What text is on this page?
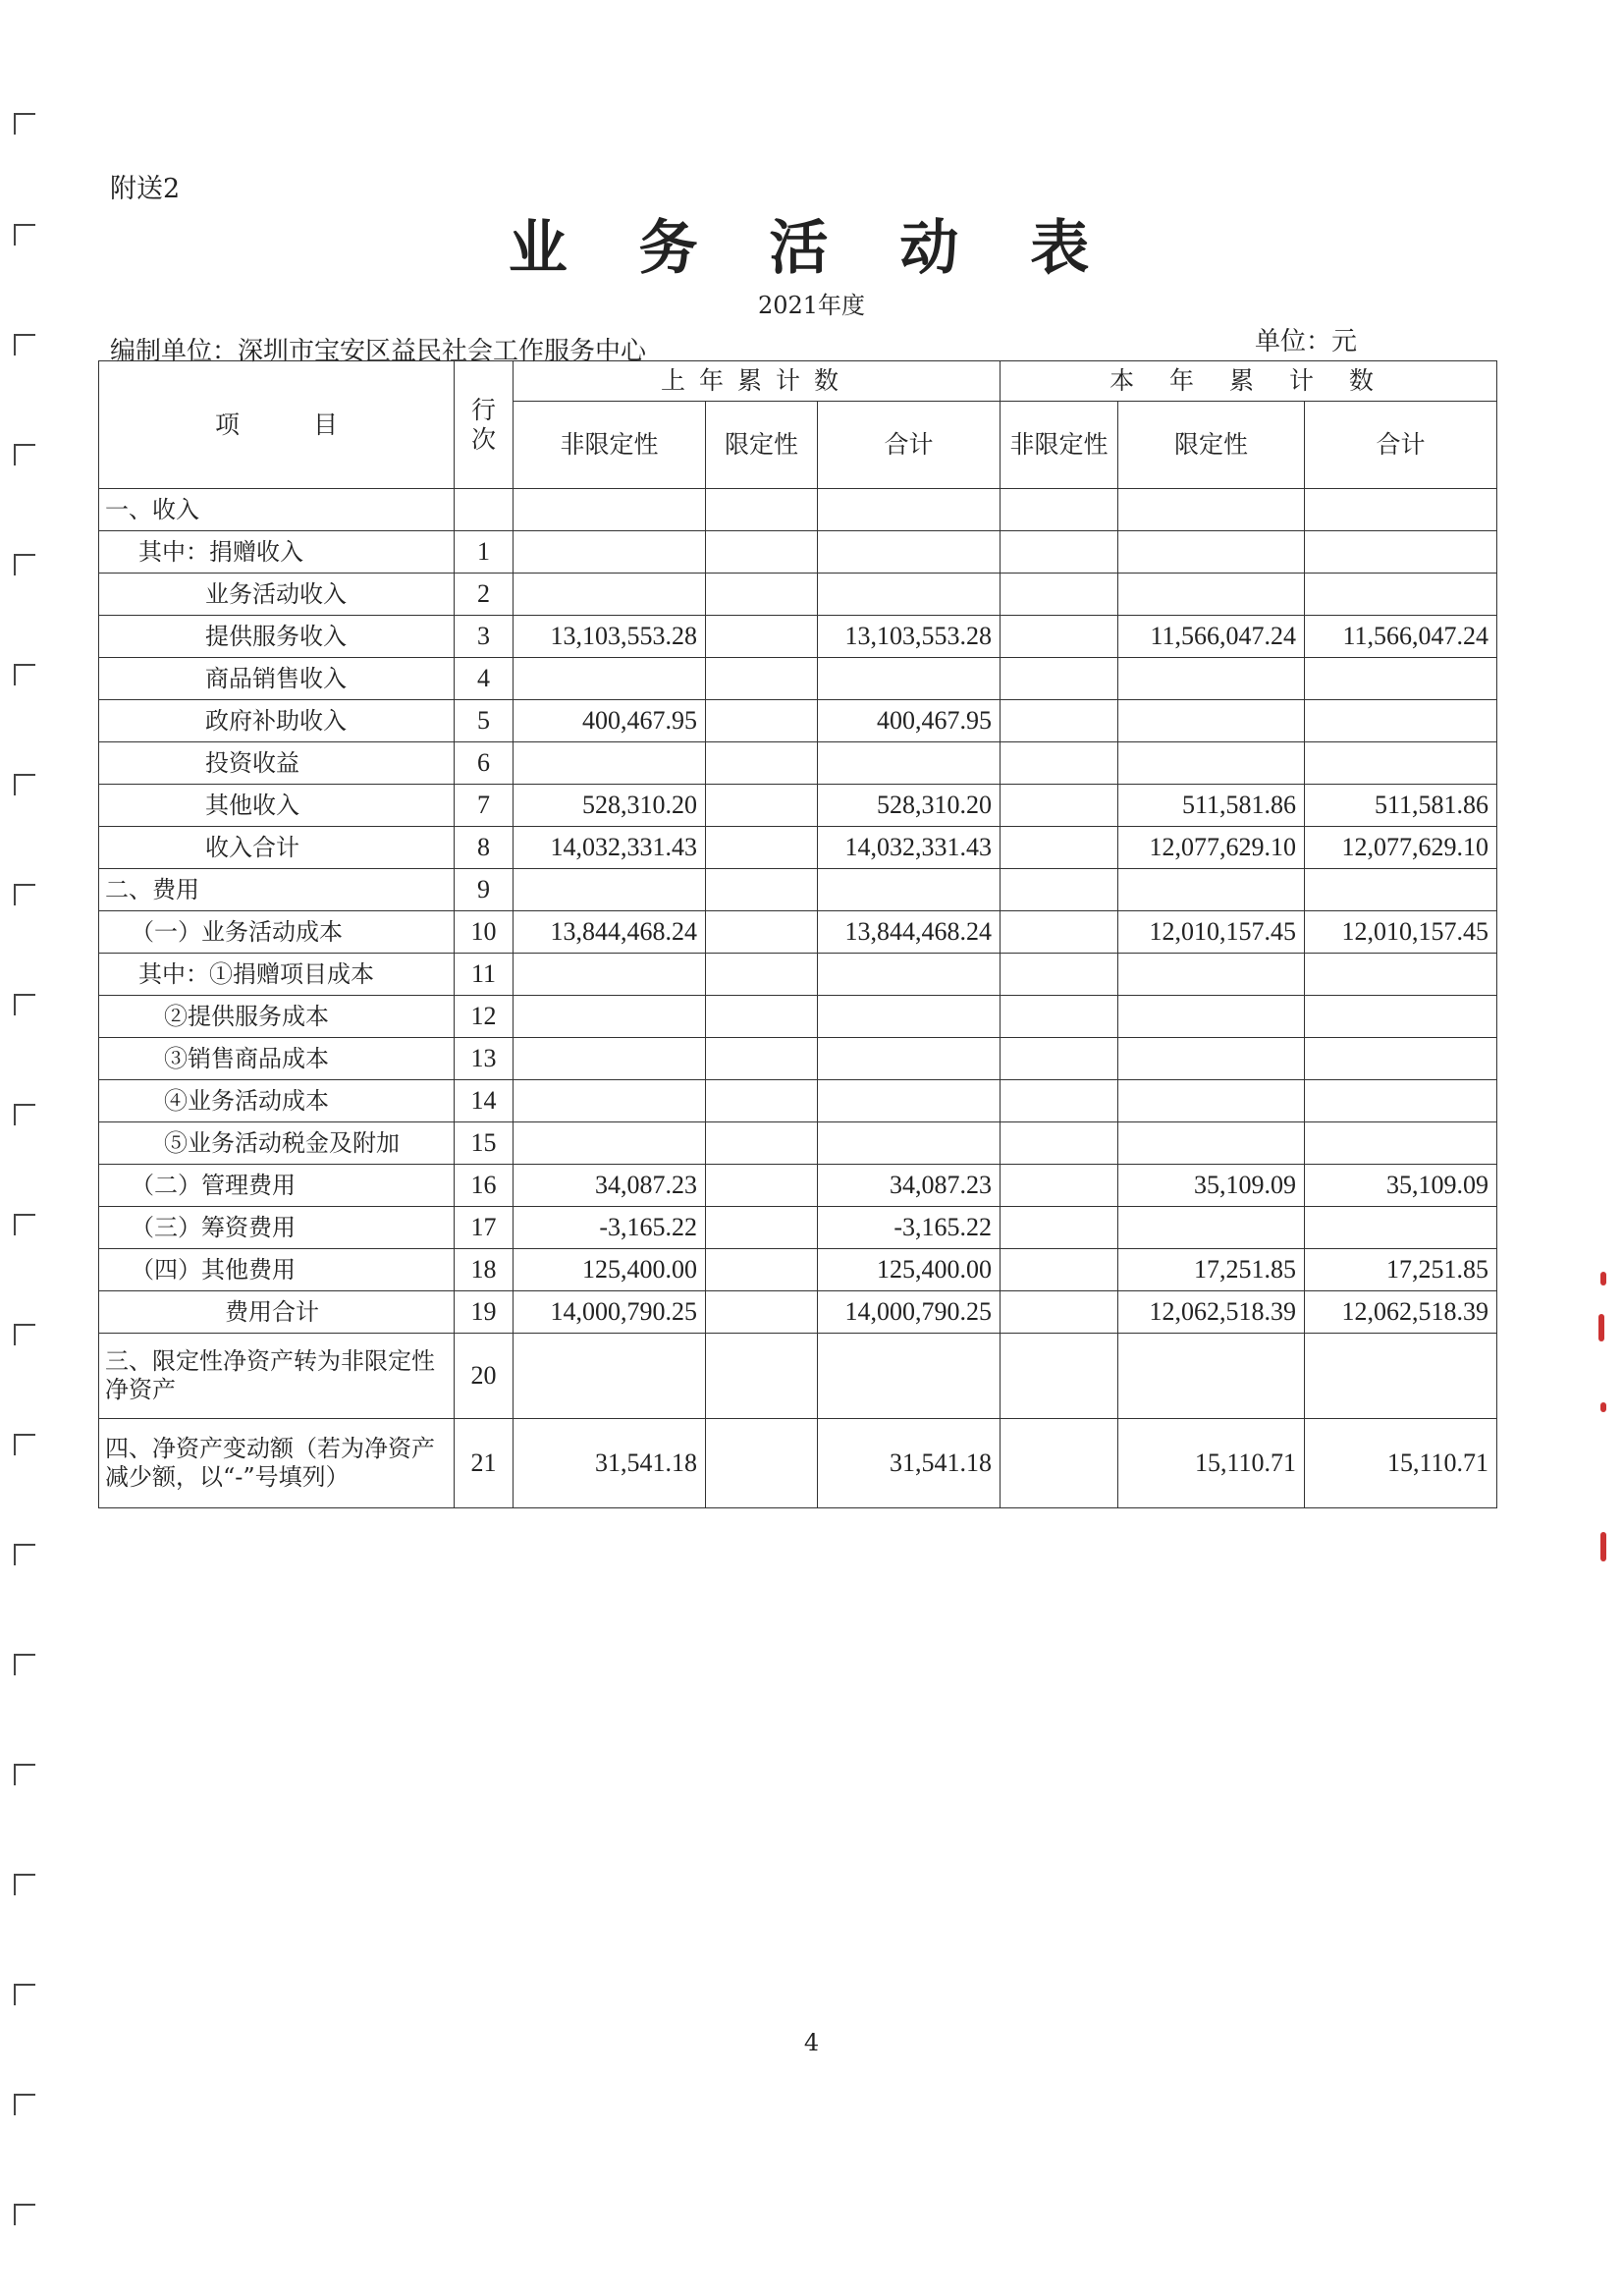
附送2
业 务 活 动 表
2021年度
编制单位：深圳市宝安区益民社会工作服务中心	单位：元
项　　　目	行次	上年累计数			本 年 累 计 数		
		非限定性	限定性	合计	非限定性	限定性	合计
一、收入							
其中：捐赠收入	1						
业务活动收入	2						
提供服务收入	3	13,103,553.28		13,103,553.28		11,566,047.24	11,566,047.24
商品销售收入	4						
政府补助收入	5	400,467.95		400,467.95			
投资收益	6						
其他收入	7	528,310.20		528,310.20		511,581.86	511,581.86
收入合计	8	14,032,331.43		14,032,331.43		12,077,629.10	12,077,629.10
二、费用	9						
（一）业务活动成本	10	13,844,468.24		13,844,468.24		12,010,157.45	12,010,157.45
其中：①捐赠项目成本	11						
②提供服务成本	12						
③销售商品成本	13						
④业务活动成本	14						
⑤业务活动税金及附加	15						
（二）管理费用	16	34,087.23		34,087.23		35,109.09	35,109.09
（三）筹资费用	17	-3,165.22		-3,165.22			
（四）其他费用	18	125,400.00		125,400.00		17,251.85	17,251.85
费用合计	19	14,000,790.25		14,000,790.25		12,062,518.39	12,062,518.39
三、限定性净资产转为非限定性净资产	20						
四、净资产变动额（若为净资产减少额，以“-”号填列）	21	31,541.18		31,541.18		15,110.71	15,110.71
4
